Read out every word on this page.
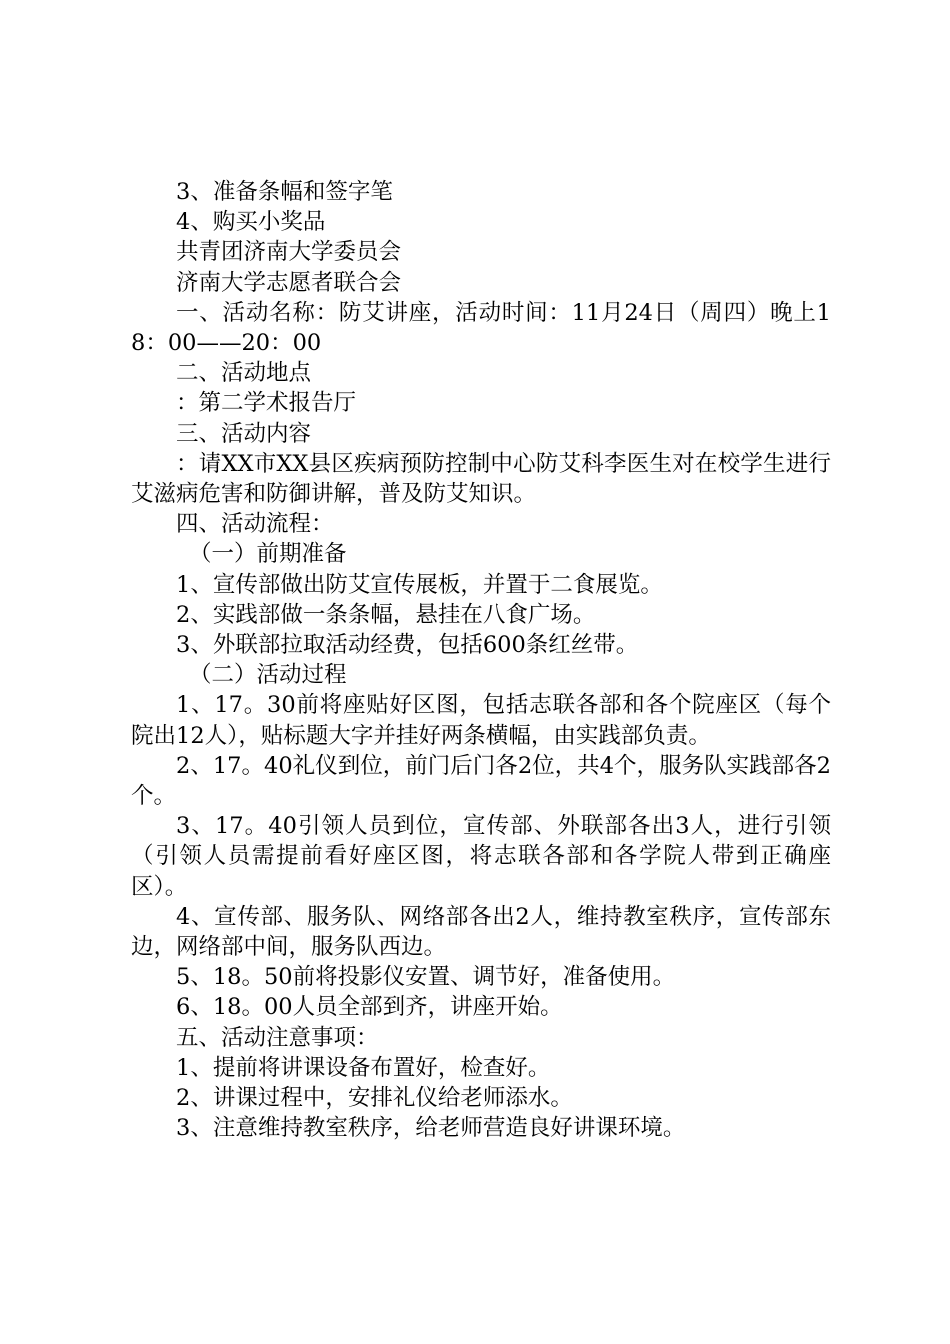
3、准备条幅和签字笔

4、购买小奖品

共青团济南大学委员会

济南大学志愿者联合会

一、活动名称：防艾讲座，活动时间：11月24日（周四）晚上18：00——20：00

二、活动地点

：第二学术报告厅

三、活动内容

：请XX市XX县区疾病预防控制中心防艾科李医生对在校学生进行艾滋病危害和防御讲解，普及防艾知识。

四、活动流程：

（一）前期准备

1、宣传部做出防艾宣传展板，并置于二食展览。

2、实践部做一条条幅，悬挂在八食广场。

3、外联部拉取活动经费，包括600条红丝带。

（二）活动过程

1、17。30前将座贴好区图，包括志联各部和各个院座区（每个院出12人），贴标题大字并挂好两条横幅，由实践部负责。

2、17。40礼仪到位，前门后门各2位，共4个，服务队实践部各2个。

3、17。40引领人员到位，宣传部、外联部各出3人，进行引领（引领人员需提前看好座区图，将志联各部和各学院人带到正确座区）。

4、宣传部、服务队、网络部各出2人，维持教室秩序，宣传部东边，网络部中间，服务队西边。

5、18。50前将投影仪安置、调节好，准备使用。

6、18。00人员全部到齐，讲座开始。

五、活动注意事项：

1、提前将讲课设备布置好，检查好。

2、讲课过程中，安排礼仪给老师添水。

3、注意维持教室秩序，给老师营造良好讲课环境。
